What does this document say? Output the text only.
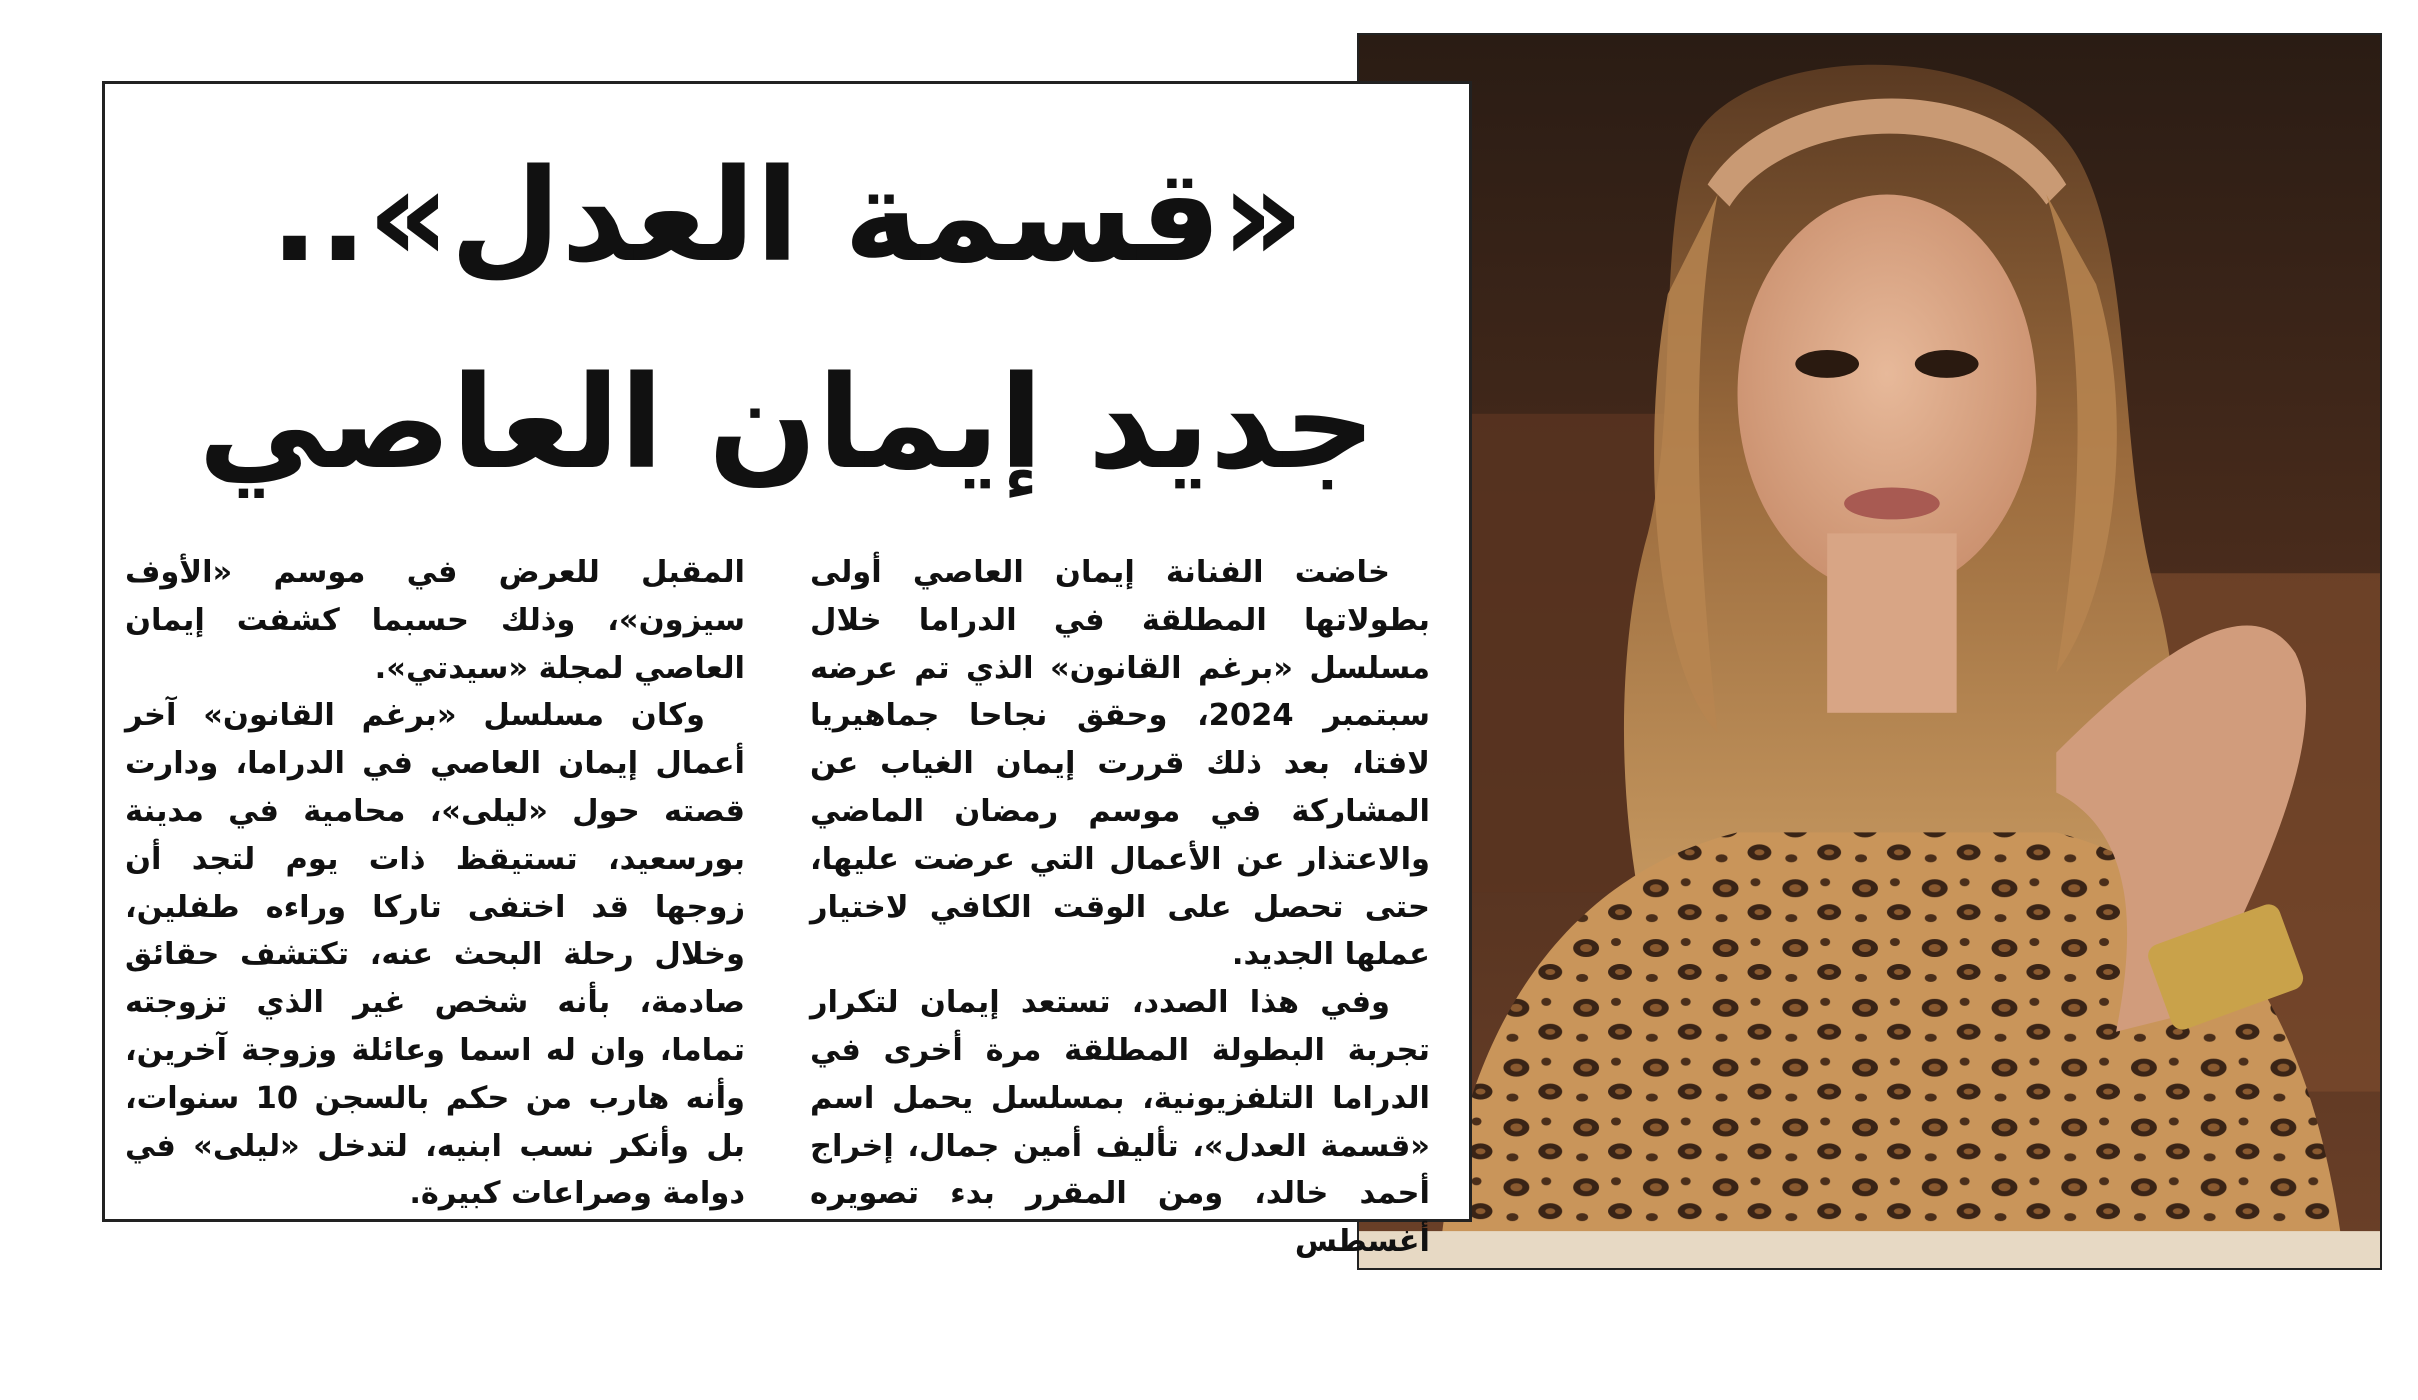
«قسمة العدل»..
جديد إيمان العاصي

خاضت الفنانة إيمان العاصي أولى بطولاتها المطلقة في الدراما خلال مسلسل «برغم القانون» الذي تم عرضه سبتمبر 2024، وحقق نجاحا جماهيريا لافتا، بعد ذلك قررت إيمان الغياب عن المشاركة في موسم رمضان الماضي والاعتذار عن الأعمال التي عرضت عليها، حتى تحصل على الوقت الكافي لاختيار عملها الجديد.

وفي هذا الصدد، تستعد إيمان لتكرار تجربة البطولة المطلقة مرة أخرى في الدراما التلفزيونية، بمسلسل يحمل اسم «قسمة العدل»، تأليف أمين جمال، إخراج أحمد خالد، ومن المقرر بدء تصويره أغسطس

المقبل للعرض في موسم «الأوف سيزون»، وذلك حسبما كشفت إيمان العاصي لمجلة «سيدتي».

وكان مسلسل «برغم القانون» آخر أعمال إيمان العاصي في الدراما، ودارت قصته حول «ليلى»، محامية في مدينة بورسعيد، تستيقظ ذات يوم لتجد أن زوجها قد اختفى تاركا وراءه طفلين، وخلال رحلة البحث عنه، تكتشف حقائق صادمة، بأنه شخص غير الذي تزوجته تماما، وان له اسما وعائلة وزوجة آخرين، وأنه هارب من حكم بالسجن 10 سنوات، بل وأنكر نسب ابنيه، لتدخل «ليلى» في دوامة وصراعات كبيرة.
